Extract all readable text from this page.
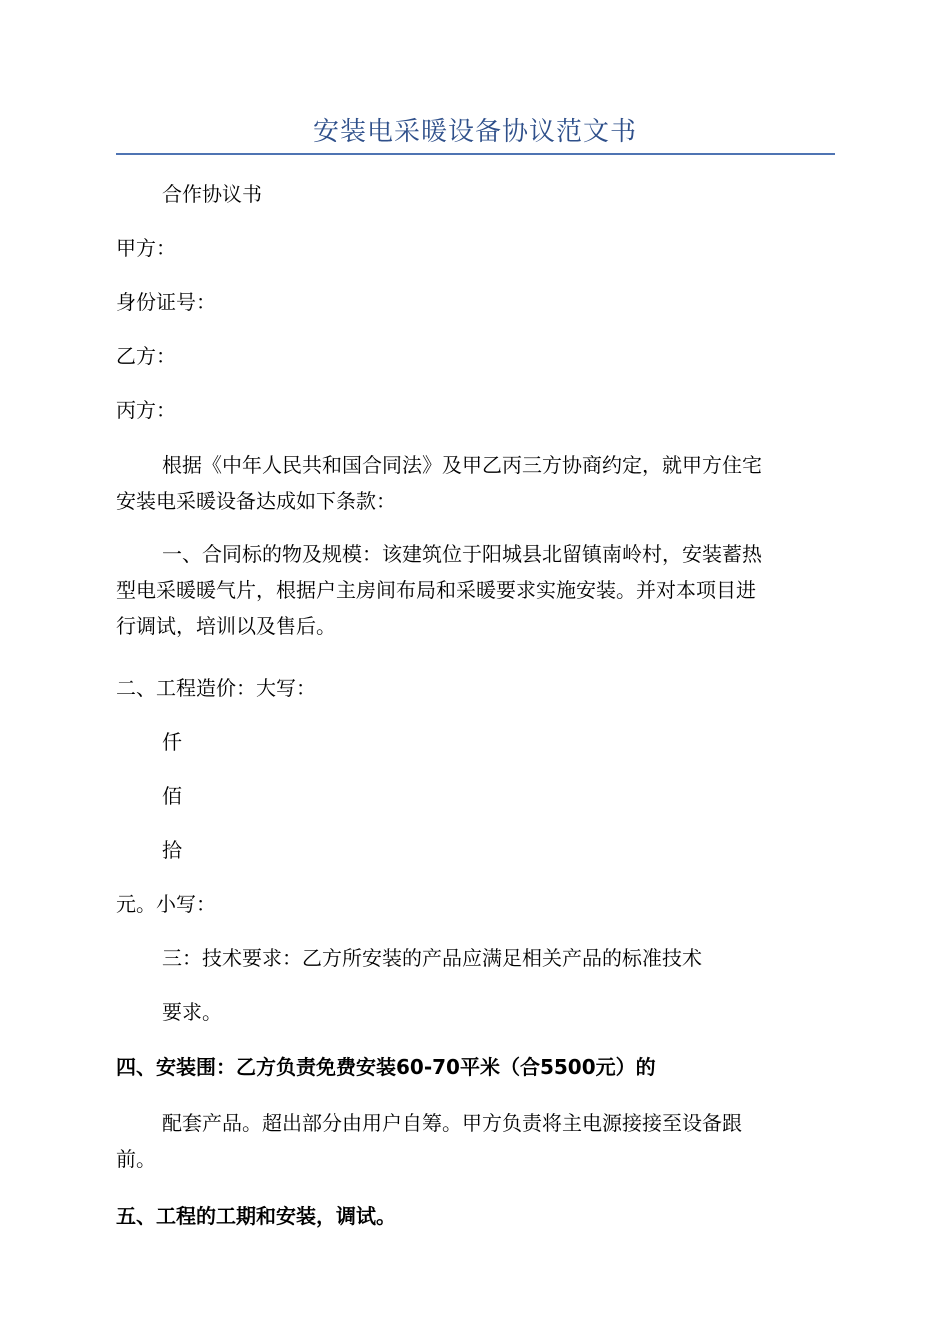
安装电采暖设备协议范文书
合作协议书
甲方：
身份证号：
乙方：
丙方：
根据《中年人民共和国合同法》及甲乙丙三方协商约定，就甲方住宅
安装电采暖设备达成如下条款：
一、合同标的物及规模：该建筑位于阳城县北留镇南岭村，安装蓄热
型电采暖暖气片，根据户主房间布局和采暖要求实施安装。并对本项目进
行调试，培训以及售后。
二、工程造价：大写：
仟
佰
拾
元。小写：
三：技术要求：乙方所安装的产品应满足相关产品的标准技术
要求。
四、安装围：乙方负责免费安装60-70平米（合5500元）的
配套产品。超出部分由用户自筹。甲方负责将主电源接接至设备跟
前。
五、工程的工期和安装，调试。
